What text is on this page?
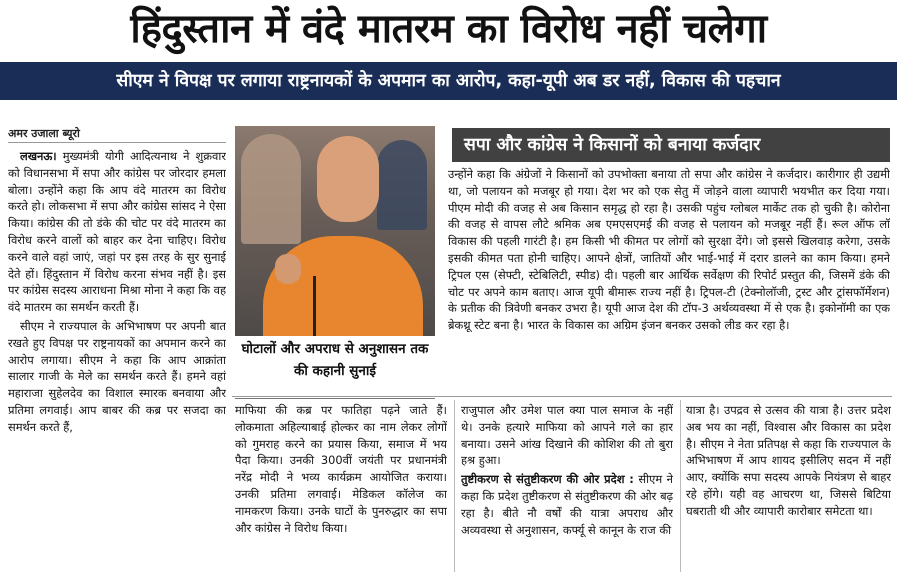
हिंदुस्तान में वंदे मातरम का विरोध नहीं चलेगा
सीएम ने विपक्ष पर लगाया राष्ट्रनायकों के अपमान का आरोप, कहा-यूपी अब डर नहीं, विकास की पहचान
अमर उजाला ब्यूरो

लखनऊ। मुख्यमंत्री योगी आदित्यनाथ ने शुक्रवार को विधानसभा में सपा और कांग्रेस पर जोरदार हमला बोला। उन्होंने कहा कि आप वंदे मातरम का विरोध करते हो। लोकसभा में सपा और कांग्रेस सांसद ने ऐसा किया। कांग्रेस की तो डंके की चोट पर वंदे मातरम का विरोध करने वालों को बाहर कर देना चाहिए। विरोध करने वाले वहां जाएं, जहां पर इस तरह के सुर सुनाई देते हों। हिंदुस्तान में विरोध करना संभव नहीं है। इस पर कांग्रेस सदस्य आराधना मिश्रा मोना ने कहा कि वह वंदे मातरम का समर्थन करती हैं।

सीएम ने राज्यपाल के अभिभाषण पर अपनी बात रखते हुए विपक्ष पर राष्ट्रनायकों का अपमान करने का आरोप लगाया। सीएम ने कहा कि आप आक्रांता सालार गाजी के मेले का समर्थन करते हैं। हमने वहां महाराजा सुहेलदेव का विशाल स्मारक बनवाया और प्रतिमा लगवाई। आप बाबर की कब्र पर सजदा का समर्थन करते हैं,

घोटालों और अपराध से अनुशासन तक की कहानी सुनाई
सपा और कांग्रेस ने किसानों को बनाया कर्जदार

उन्होंने कहा कि अंग्रेजों ने किसानों को उपभोक्ता बनाया तो सपा और कांग्रेस ने कर्जदार। कारीगार ही उद्यमी था, जो पलायन को मजबूर हो गया। देश भर को एक सेतु में जोड़ने वाला व्यापारी भयभीत कर दिया गया। पीएम मोदी की वजह से अब किसान समृद्ध हो रहा है। उसकी पहुंच ग्लोबल मार्केट तक हो चुकी है। कोरोना की वजह से वापस लौटे श्रमिक अब एमएसएमई की वजह से पलायन को मजबूर नहीं हैं। रूल ऑफ लॉ विकास की पहली गारंटी है। हम किसी भी कीमत पर लोगों को सुरक्षा देंगे। जो इससे खिलवाड़ करेगा, उसके इसकी कीमत पता होनी चाहिए। आपने क्षेत्रों, जातियों और भाई-भाई में दरार डालने का काम किया। हमने ट्रिपल एस (सेफ्टी, स्टेबिलिटी, स्पीड) दी। पहली बार आर्थिक सर्वेक्षण की रिपोर्ट प्रस्तुत की, जिसमें डंके की चोट पर अपने काम बताए। आज यूपी बीमारू राज्य नहीं है। ट्रिपल-टी (टेक्नोलॉजी, ट्रस्ट और ट्रांसफॉर्मेशन) के प्रतीक की त्रिवेणी बनकर उभरा है। यूपी आज देश की टॉप-3 अर्थव्यवस्था में से एक है। इकोनॉमी का एक ब्रेकथ्रू स्टेट बना है। भारत के विकास का अग्रिम इंजन बनकर उसको लीड कर रहा है।

माफिया की कब्र पर फातिहा पढ़ने जाते हैं। लोकमाता अहिल्याबाई होल्कर का नाम लेकर लोगों को गुमराह करने का प्रयास किया, समाज में भय पैदा किया। उनकी 300वीं जयंती पर प्रधानमंत्री नरेंद्र मोदी ने भव्य कार्यक्रम आयोजित कराया। उनकी प्रतिमा लगवाई। मेडिकल कॉलेज का नामकरण किया। उनके घाटों के पुनरुद्धार का सपा और कांग्रेस ने विरोध किया।

राजुपाल और उमेश पाल क्या पाल समाज के नहीं थे। उनके हत्यारे माफिया को आपने गले का हार बनाया। उसने आंख दिखाने की कोशिश की तो बुरा हश्र हुआ।

तुष्टीकरण से संतुष्टीकरण की ओर प्रदेश : सीएम ने कहा कि प्रदेश तुष्टीकरण से संतुष्टीकरण की ओर बढ़ रहा है। बीते नौ वर्षों की यात्रा अपराध और अव्यवस्था से अनुशासन, कर्फ्यू से कानून के राज की

यात्रा है। उपद्रव से उत्सव की यात्रा है। उत्तर प्रदेश अब भय का नहीं, विश्वास और विकास का प्रदेश है। सीएम ने नेता प्रतिपक्ष से कहा कि राज्यपाल के अभिभाषण में आप शायद इसीलिए सदन में नहीं आए, क्योंकि सपा सदस्य आपके नियंत्रण से बाहर रहे होंगे। यही वह आचरण था, जिससे बिटिया घबराती थी और व्यापारी कारोबार समेटता था।
